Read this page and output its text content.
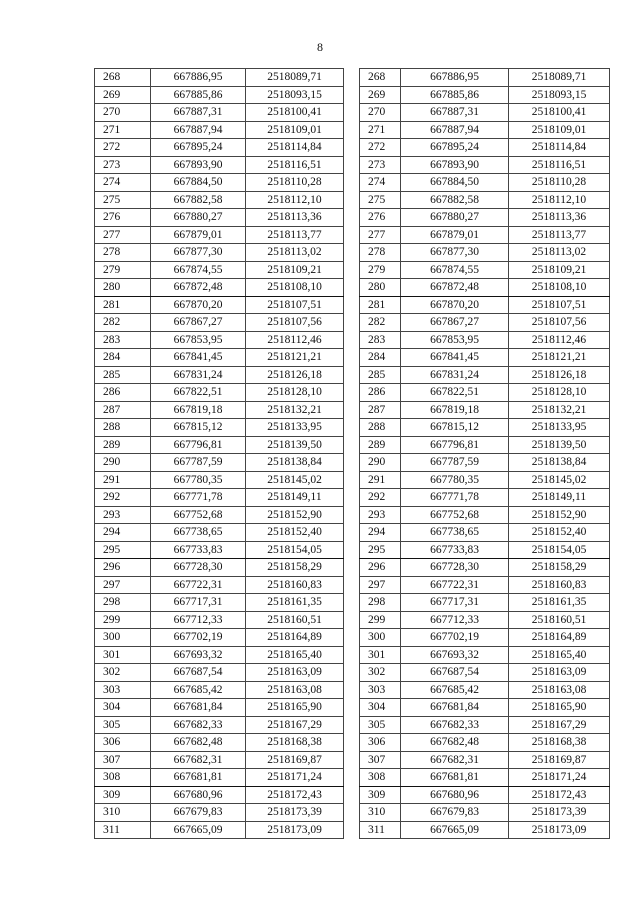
8
268	667886,95	2518089,71
269	667885,86	2518093,15
270	667887,31	2518100,41
271	667887,94	2518109,01
272	667895,24	2518114,84
273	667893,90	2518116,51
274	667884,50	2518110,28
275	667882,58	2518112,10
276	667880,27	2518113,36
277	667879,01	2518113,77
278	667877,30	2518113,02
279	667874,55	2518109,21
280	667872,48	2518108,10
281	667870,20	2518107,51
282	667867,27	2518107,56
283	667853,95	2518112,46
284	667841,45	2518121,21
285	667831,24	2518126,18
286	667822,51	2518128,10
287	667819,18	2518132,21
288	667815,12	2518133,95
289	667796,81	2518139,50
290	667787,59	2518138,84
291	667780,35	2518145,02
292	667771,78	2518149,11
293	667752,68	2518152,90
294	667738,65	2518152,40
295	667733,83	2518154,05
296	667728,30	2518158,29
297	667722,31	2518160,83
298	667717,31	2518161,35
299	667712,33	2518160,51
300	667702,19	2518164,89
301	667693,32	2518165,40
302	667687,54	2518163,09
303	667685,42	2518163,08
304	667681,84	2518165,90
305	667682,33	2518167,29
306	667682,48	2518168,38
307	667682,31	2518169,87
308	667681,81	2518171,24
309	667680,96	2518172,43
310	667679,83	2518173,39
311	667665,09	2518173,09
268	667886,95	2518089,71
269	667885,86	2518093,15
270	667887,31	2518100,41
271	667887,94	2518109,01
272	667895,24	2518114,84
273	667893,90	2518116,51
274	667884,50	2518110,28
275	667882,58	2518112,10
276	667880,27	2518113,36
277	667879,01	2518113,77
278	667877,30	2518113,02
279	667874,55	2518109,21
280	667872,48	2518108,10
281	667870,20	2518107,51
282	667867,27	2518107,56
283	667853,95	2518112,46
284	667841,45	2518121,21
285	667831,24	2518126,18
286	667822,51	2518128,10
287	667819,18	2518132,21
288	667815,12	2518133,95
289	667796,81	2518139,50
290	667787,59	2518138,84
291	667780,35	2518145,02
292	667771,78	2518149,11
293	667752,68	2518152,90
294	667738,65	2518152,40
295	667733,83	2518154,05
296	667728,30	2518158,29
297	667722,31	2518160,83
298	667717,31	2518161,35
299	667712,33	2518160,51
300	667702,19	2518164,89
301	667693,32	2518165,40
302	667687,54	2518163,09
303	667685,42	2518163,08
304	667681,84	2518165,90
305	667682,33	2518167,29
306	667682,48	2518168,38
307	667682,31	2518169,87
308	667681,81	2518171,24
309	667680,96	2518172,43
310	667679,83	2518173,39
311	667665,09	2518173,09
